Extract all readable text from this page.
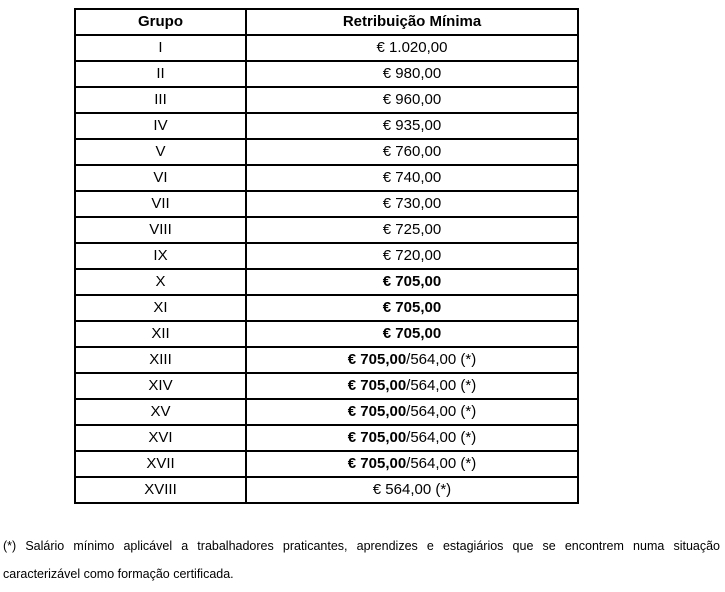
Grupo	Retribuição Mínima
I	€ 1.020,00
II	€ 980,00
III	€ 960,00
IV	€ 935,00
V	€ 760,00
VI	€ 740,00
VII	€ 730,00
VIII	€ 725,00
IX	€ 720,00
X	€ 705,00
XI	€ 705,00
XII	€ 705,00
XIII	€ 705,00/564,00 (*)
XIV	€ 705,00/564,00 (*)
XV	€ 705,00/564,00 (*)
XVI	€ 705,00/564,00 (*)
XVII	€ 705,00/564,00 (*)
XVIII	€ 564,00 (*)
(*) Salário mínimo aplicável a trabalhadores praticantes, aprendizes e estagiários que se encontrem numa situação caracterizável como formação certificada.
